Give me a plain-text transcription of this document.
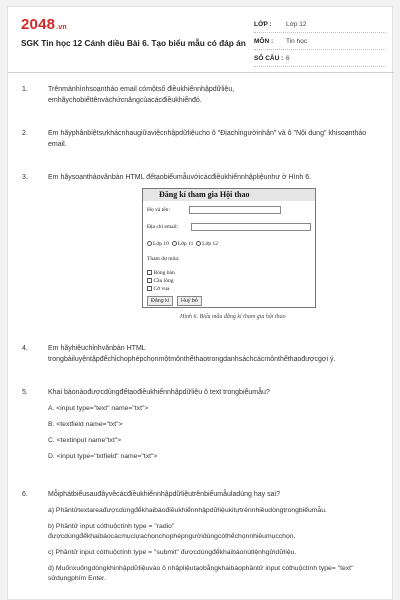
2048.vn
SGK Tin học 12 Cánh diều Bài 6. Tạo biểu mẫu có đáp án
LỚP :	Lớp 12
MÔN :	Tin học
SỐ CÂU : 6
1.	Trênmànhìnhsoạnthảo email cómộtsố điềukhiểnnhậpdữliệu, emhãychobiếttênvàchứcnăngcủacácđiềukhiểnđó.
2.	Em hãyphânbiệtsựkhácnhaugiữaviệcnhậpdữliệucho ô "Địachỉngườinhận" và ô "Nội dung" khisoạnthảo email.
3.	Em hãysoạnthảovănbản HTML đểtạobiểumẫuvớicácđiềukhiểnnhậpliệunhư ở Hình 6.
Đăng kí tham gia Hội thao
Họ và tên:
Địa chỉ email:
Lớp 10 Lớp 11 Lớp 12
Tham dự môn:
Bóng bàn
Cầu lông
Cờ vua
Đăng kí	Huỷ bỏ
Hình 6. Biểu mẫu đăng kí tham gia hội thao
4.	Em hãyhiệuchỉnhvănbản HTML trongbàiluyệntậpđểchỉchophépchọnmộtmônthểthaotrongdanhsáchcácmônthểthaođượcgợi ý.
5.	Khai báonàođượcdùngđểtạođiềukhiểnnhậpdữliệu ô text trongbiểumẫu?
A. <input type="text" name="txt">
B. <textfield name="txt">
C. <textinput name"txt">
D. <input type="txtfield" name="txt">
6.	Mỗiphátbiểusauđâyvềcácđiềukhiểnnhậpdữliệutrênbiểumẫuladúng hay sai?
a) Phầntửtextareađượcdùngđểkhaibáođiềukhiểnnhậpdữliệukitựtrênnhiềudòngtrongbiểumẫu.
b) Phầntử input cóthuộctính type = "radio" đượcdùngđểkhaibáocácmụclựachọnchophépngườidùngcóthểchọnnhiềumụcchọn.
c) Phầntử input cóthuộctính type = "submit" đượcdùngđểkhaibáonútlệnhgửidữliệu.
d) Muốnxuốngdòngkhinhậpdữliệuvào ô nhậpliệutạobằngkhaibáophầntử input cóthuộctính type= "text" sửdụngphím Enter.
